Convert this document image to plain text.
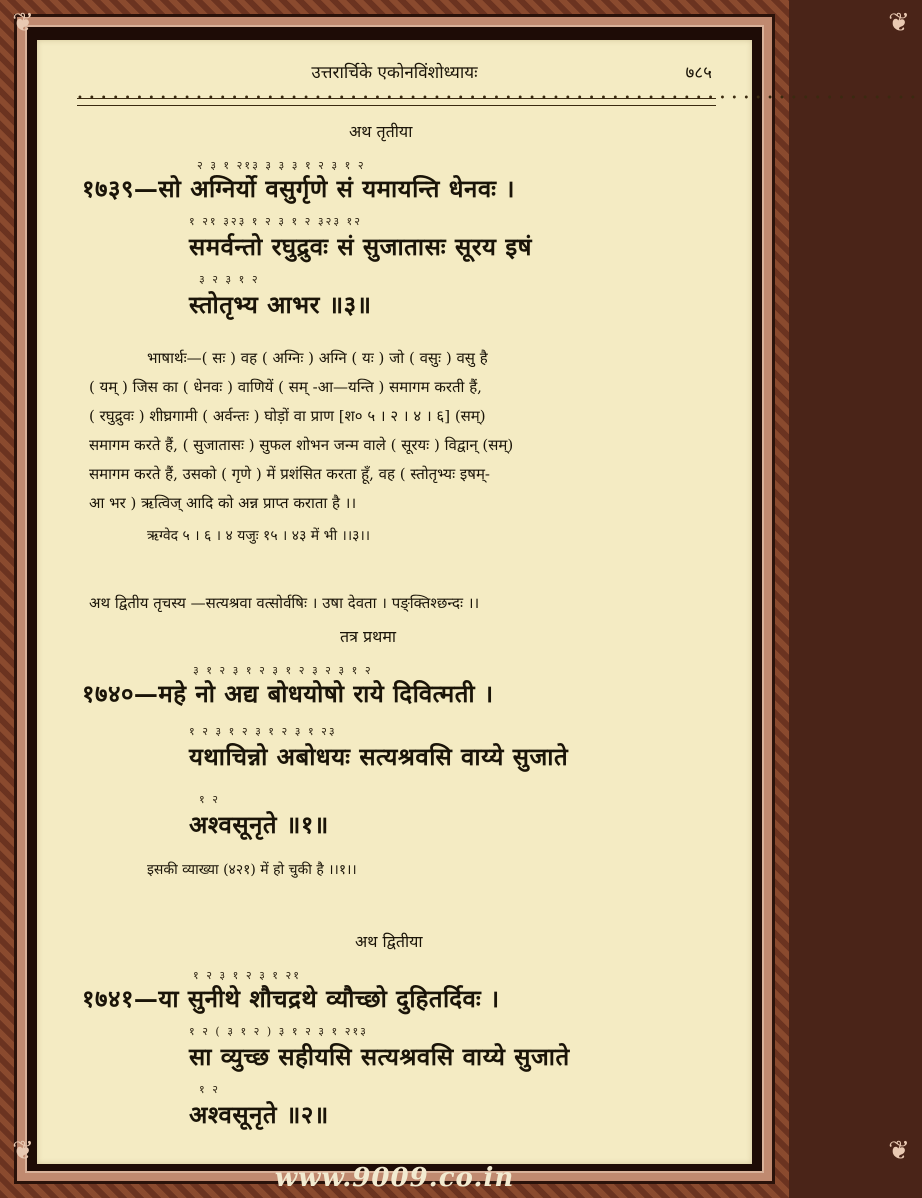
❦	❦
❦	❦
उत्तरार्चिके एकोनविंशोध्यायः	७८५
•••••••••••••••••••••••••••••••••••••••••••••••••••••••••••••••••••••••
अथ तृतीया
२ ३ १ २१३ ३ ३ ३ १ २ ३ १ २
१७३९—सो अग्निर्यो वसुर्गृणे सं यमायन्ति धेनवः ।
१ २१ ३२३ १ २ ३ १ २ ३२३ १२
समर्वन्तो रघुद्रुवः सं सुजातासः सूरय इषं
३ २ ३ १ २
स्तोतृभ्य आभर ॥३॥
भाषार्थः—( सः ) वह ( अग्निः ) अग्नि ( यः ) जो ( वसुः ) वसु है
( यम् ) जिस का ( धेनवः ) वाणियें ( सम् -आ—यन्ति ) समागम करती हैं,
( रघुद्रुवः ) शीघ्रगामी ( अर्वन्तः ) घोड़ों वा प्राण [श० ५ । २ । ४ । ६] (सम्)
समागम करते हैं, ( सुजातासः ) सुफल शोभन जन्म वाले ( सूरयः ) विद्वान् (सम्)
समागम करते हैं, उसको ( गृणे ) में प्रशंसित करता हूँ, वह ( स्तोतृभ्यः इषम्-
आ भर ) ऋत्विज् आदि को अन्न प्राप्त कराता है ।।
ऋग्वेद ५ । ६ । ४ यजुः १५ । ४३ में भी ।।३।।
अथ द्वितीय तृचस्य —सत्यश्रवा वत्सोर्वषिः । उषा देवता । पङ्क्तिश्छन्दः ।।
तत्र प्रथमा
३ १ २ ३ १ २ ३ १ २ ३ २ ३ १ २
१७४०—महे नो अद्य बोधयोषो राये दिवित्मती ।
१ २ ३ १ २ ३ १ २ ३ १ २३
यथाचिन्नो अबोधयः सत्यश्रवसि वाय्ये सुजाते
१ २
अश्वसूनृते ॥१॥
इसकी व्याख्या (४२१) में हो चुकी है ।।१।।
अथ द्वितीया
१ २ ३ १ २ ३ १ २१
१७४१—या सुनीथे शौचद्रथे व्यौच्छो दुहितर्दिवः ।
१ २ ( ३ १ २ ) ३ १ २ ३ १ २१३
सा व्युच्छ सहीयसि सत्यश्रवसि वाय्ये सुजाते
१ २
अश्वसूनृते ॥२॥
www.9009.co.in
